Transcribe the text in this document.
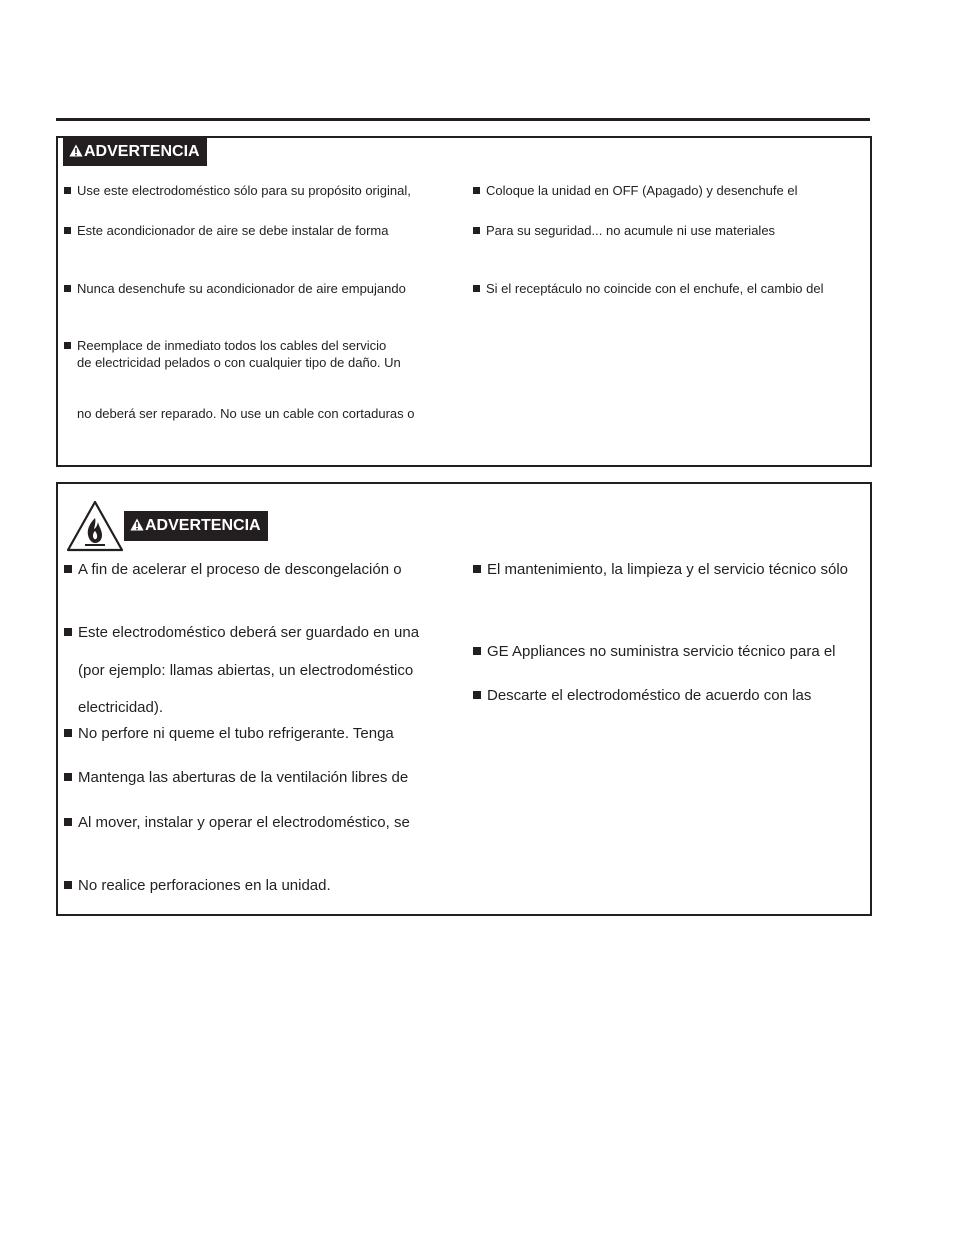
ADVERTENCIA
Use este electrodoméstico sólo para su propósito original,
Este acondicionador de aire se debe instalar de forma
Nunca desenchufe su acondicionador de aire empujando
Reemplace de inmediato todos los cables del servicio
de electricidad pelados o con cualquier tipo de daño. Un
no deberá ser reparado. No use un cable con cortaduras o
Coloque la unidad en OFF (Apagado) y desenchufe el
Para su seguridad... no acumule ni use materiales
Si el receptáculo no coincide con el enchufe, el cambio del
ADVERTENCIA
A fin de acelerar el proceso de descongelación o
Este electrodoméstico deberá ser guardado en una
(por ejemplo: llamas abiertas, un electrodoméstico
electricidad).
No perfore ni queme el tubo refrigerante. Tenga
Mantenga las aberturas de la ventilación libres de
Al mover, instalar y operar el electrodoméstico, se
No realice perforaciones en la unidad.
El mantenimiento, la limpieza y el servicio técnico sólo
GE Appliances no suministra servicio técnico para el
Descarte el electrodoméstico de acuerdo con las
